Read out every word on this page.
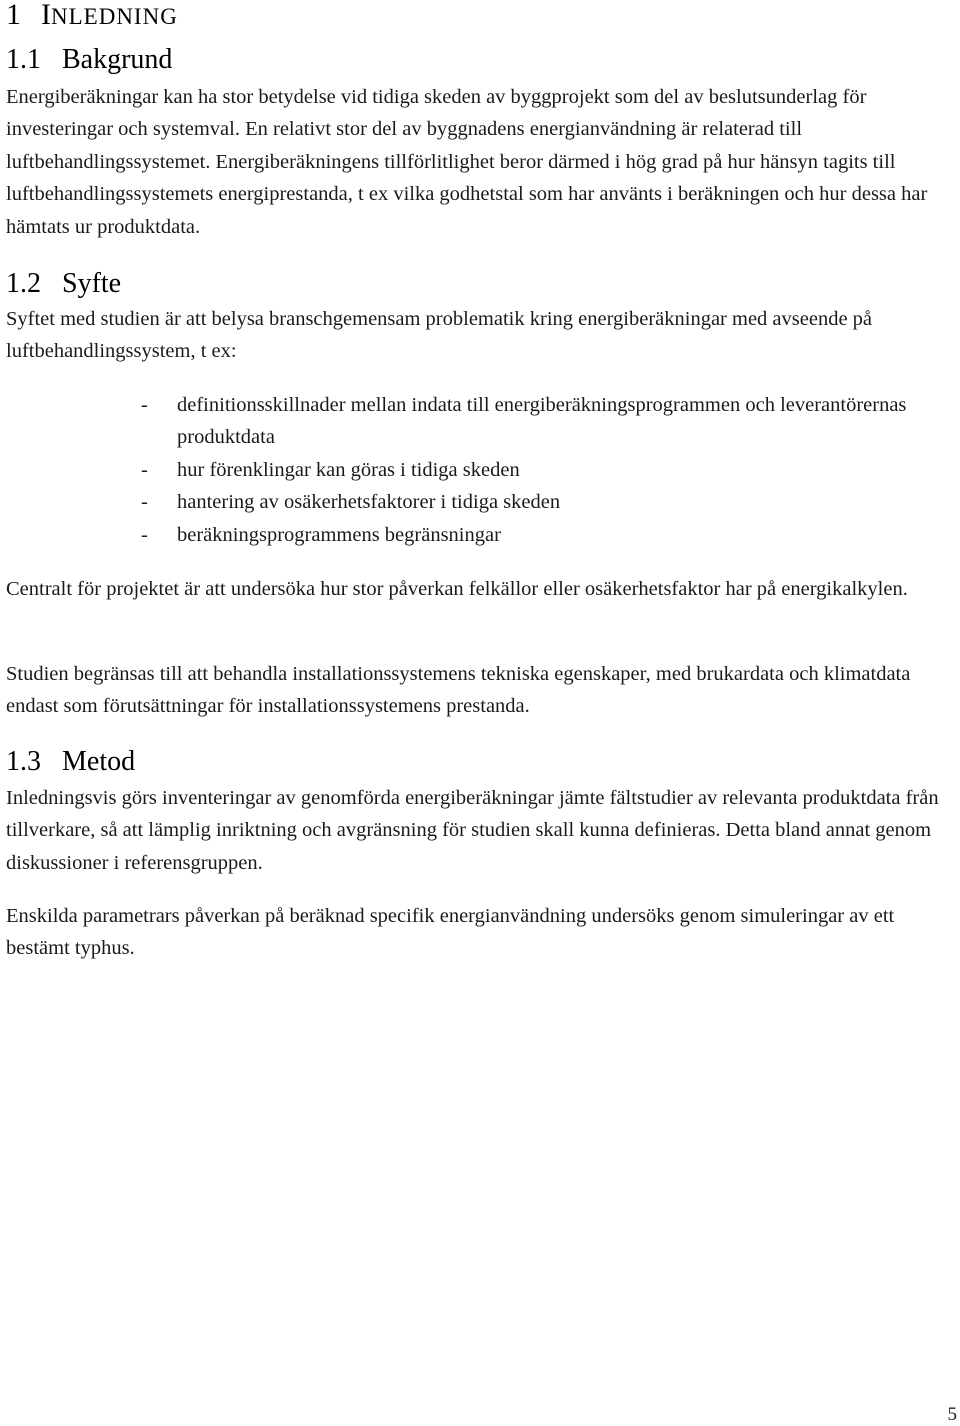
1 INLEDNING
1.1 Bakgrund

Energiberäkningar kan ha stor betydelse vid tidiga skeden av byggprojekt som del av beslutsunderlag för investeringar och systemval. En relativt stor del av byggnadens energianvändning är relaterad till luftbehandlingssystemet. Energiberäkningens tillförlitlighet beror därmed i hög grad på hur hänsyn tagits till luftbehandlingssystemets energiprestanda, t ex vilka godhetstal som har använts i beräkningen och hur dessa har hämtats ur produktdata.

1.2 Syfte

Syftet med studien är att belysa branschgemensam problematik kring energiberäkningar med avseende på luftbehandlingssystem, t ex:

- definitionsskillnader mellan indata till energiberäkningsprogrammen och leverantörernas produktdata
- hur förenklingar kan göras i tidiga skeden
- hantering av osäkerhetsfaktorer i tidiga skeden
- beräkningsprogrammens begränsningar

Centralt för projektet är att undersöka hur stor påverkan felkällor eller osäkerhetsfaktor har på energikalkylen.

Studien begränsas till att behandla installationssystemens tekniska egenskaper, med brukardata och klimatdata endast som förutsättningar för installationssystemens prestanda.

1.3 Metod

Inledningsvis görs inventeringar av genomförda energiberäkningar jämte fältstudier av relevanta produktdata från tillverkare, så att lämplig inriktning och avgränsning för studien skall kunna definieras. Detta bland annat genom diskussioner i referensgruppen.

Enskilda parametrars påverkan på beräknad specifik energianvändning undersöks genom simuleringar av ett bestämt typhus.

5
